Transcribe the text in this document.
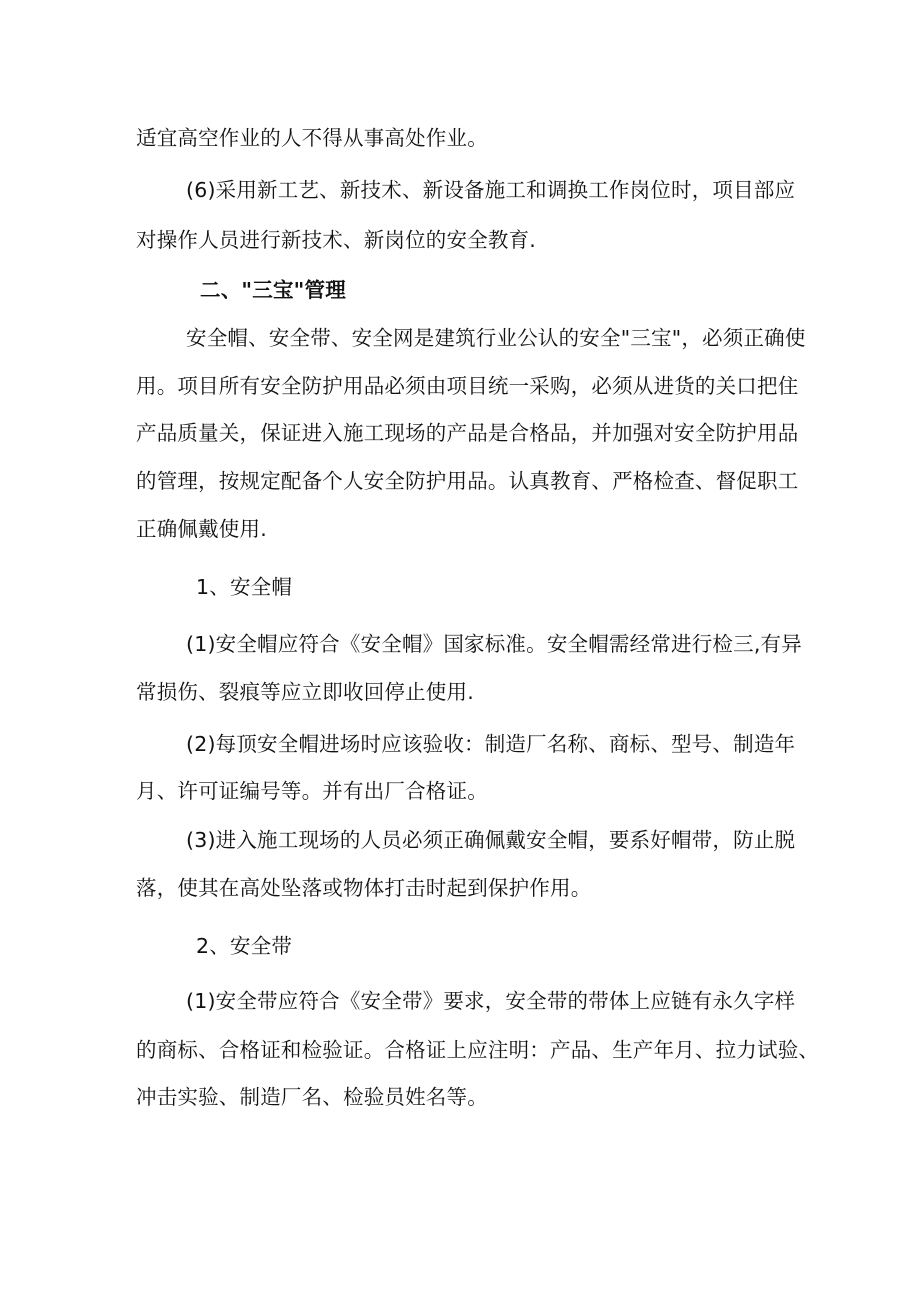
适宜高空作业的人不得从事高处作业。
(6)采用新工艺、新技术、新设备施工和调换工作岗位时，项目部应
对操作人员进行新技术、新岗位的安全教育.
二、"三宝"管理
安全帽、安全带、安全网是建筑行业公认的安全"三宝"，必须正确使
用。项目所有安全防护用品必须由项目统一采购，必须从进货的关口把住
产品质量关，保证进入施工现场的产品是合格品，并加强对安全防护用品
的管理，按规定配备个人安全防护用品。认真教育、严格检查、督促职工
正确佩戴使用.
1、安全帽
(1)安全帽应符合《安全帽》国家标准。安全帽需经常进行检三,有异
常损伤、裂痕等应立即收回停止使用.
(2)每顶安全帽进场时应该验收：制造厂名称、商标、型号、制造年
月、许可证编号等。并有出厂合格证。
(3)进入施工现场的人员必须正确佩戴安全帽，要系好帽带，防止脱
落，使其在高处坠落或物体打击时起到保护作用。
2、安全带
(1)安全带应符合《安全带》要求，安全带的带体上应链有永久字样
的商标、合格证和检验证。合格证上应注明：产品、生产年月、拉力试验、
冲击实验、制造厂名、检验员姓名等。
